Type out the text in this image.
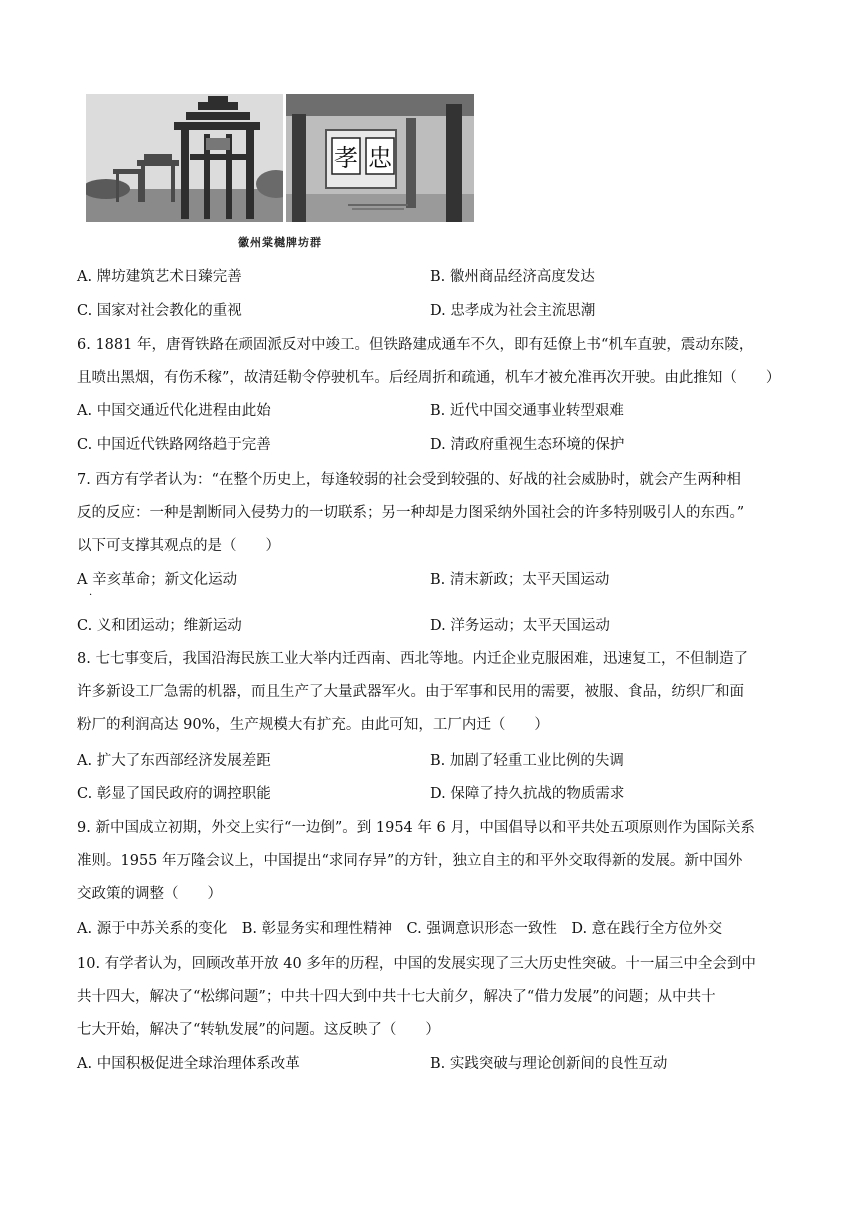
孝 忠
徽州棠樾牌坊群
A. 牌坊建筑艺术日臻完善	B. 徽州商品经济高度发达
C. 国家对社会教化的重视	D. 忠孝成为社会主流思潮
6. 1881 年，唐胥铁路在顽固派反对中竣工。但铁路建成通车不久，即有廷僚上书“机车直驶，震动东陵，
且喷出黑烟，有伤禾稼”，故清廷勒令停驶机车。后经周折和疏通，机车才被允准再次开驶。由此推知（　　）
A. 中国交通近代化进程由此始	B. 近代中国交通事业转型艰难
C. 中国近代铁路网络趋于完善	D. 清政府重视生态环境的保护
7. 西方有学者认为：“在整个历史上，每逢较弱的社会受到较强的、好战的社会威胁时，就会产生两种相
反的反应：一种是割断同入侵势力的一切联系；另一种却是力图采纳外国社会的许多特别吸引人的东西。”
以下可支撑其观点的是（　　）
A 辛亥革命；新文化运动
·
B. 清末新政；太平天国运动
C. 义和团运动；维新运动	D. 洋务运动；太平天国运动
8. 七七事变后，我国沿海民族工业大举内迁西南、西北等地。内迁企业克服困难，迅速复工，不但制造了
许多新设工厂急需的机器，而且生产了大量武器军火。由于军事和民用的需要，被服、食品，纺织厂和面
粉厂的利润高达 90%，生产规模大有扩充。由此可知，工厂内迁（　　）
A. 扩大了东西部经济发展差距	B. 加剧了轻重工业比例的失调
C. 彰显了国民政府的调控职能	D. 保障了持久抗战的物质需求
9. 新中国成立初期，外交上实行“一边倒”。到 1954 年 6 月，中国倡导以和平共处五项原则作为国际关系
准则。1955 年万隆会议上，中国提出“求同存异”的方针，独立自主的和平外交取得新的发展。新中国外
交政策的调整（　　）
A. 源于中苏关系的变化　B. 彰显务实和理性精神　C. 强调意识形态一致性　D. 意在践行全方位外交
10. 有学者认为，回顾改革开放 40 多年的历程，中国的发展实现了三大历史性突破。十一届三中全会到中
共十四大，解决了“松绑问题”；中共十四大到中共十七大前夕，解决了“借力发展”的问题；从中共十
七大开始，解决了“转轨发展”的问题。这反映了（　　）
A. 中国积极促进全球治理体系改革	B. 实践突破与理论创新间的良性互动
